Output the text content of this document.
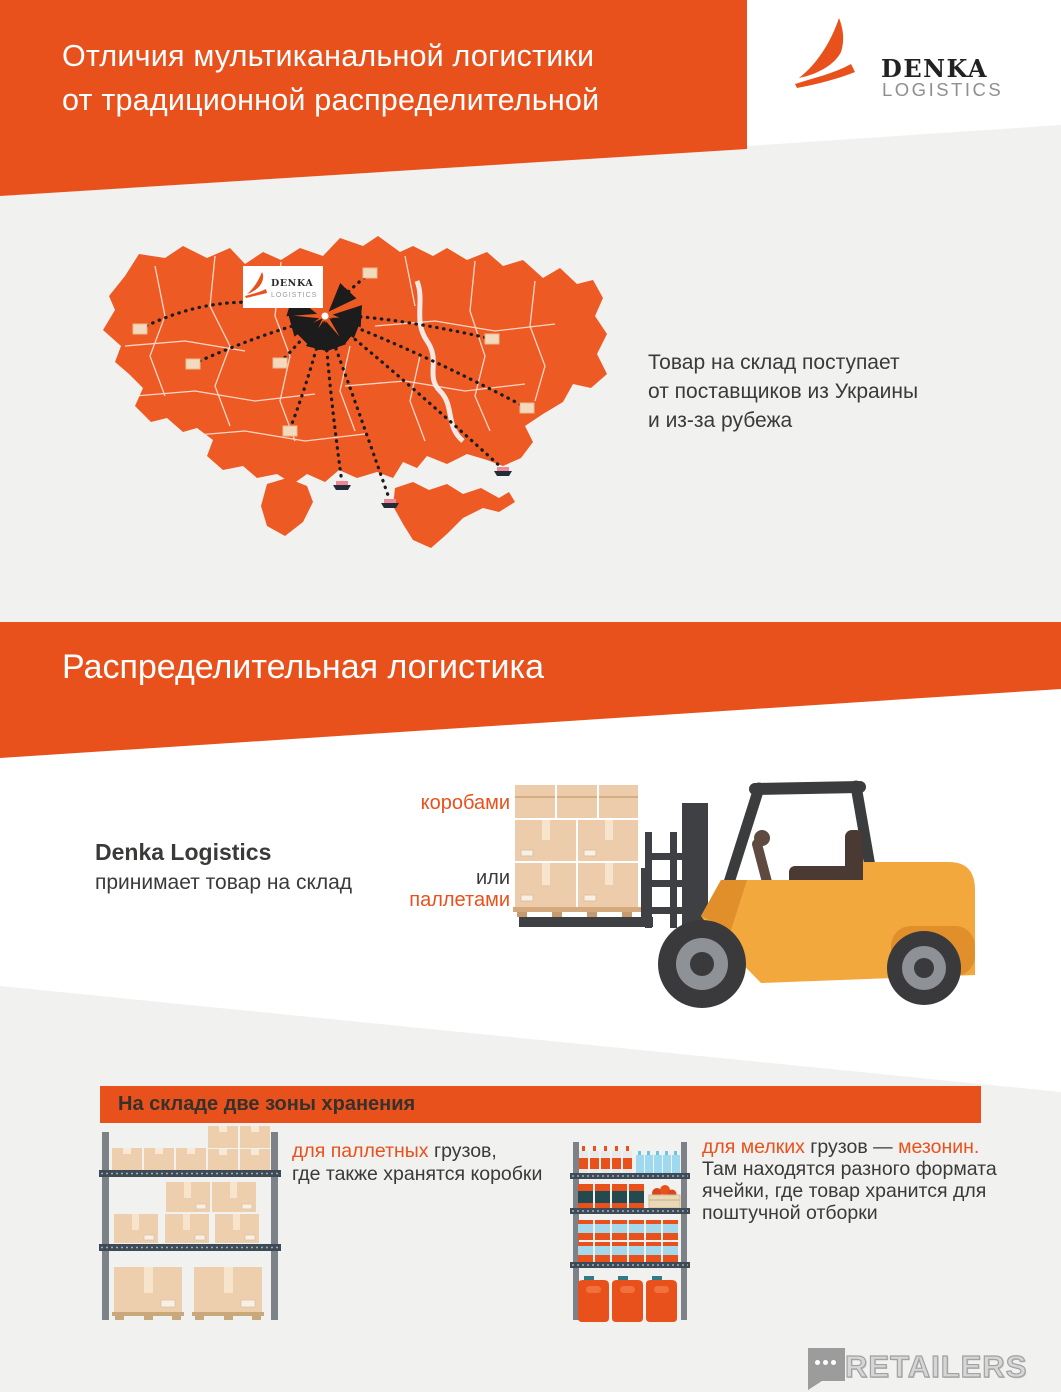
Отличия мультиканальной логистики
от традиционной распределительной
DENKA
LOGISTICS
DENKA
LOGISTICS
Товар на склад поступает
от поставщиков из Украины
и из-за рубежа
Распределительная логистика
Denka Logistics
принимает товар на склад
коробами
или
паллетами
На складе две зоны хранения
для паллетных грузов,
где также хранятся коробки
для мелких грузов — мезонин.
Там находятся разного формата
ячейки, где товар хранится для
поштучной отборки
RETAILERS
